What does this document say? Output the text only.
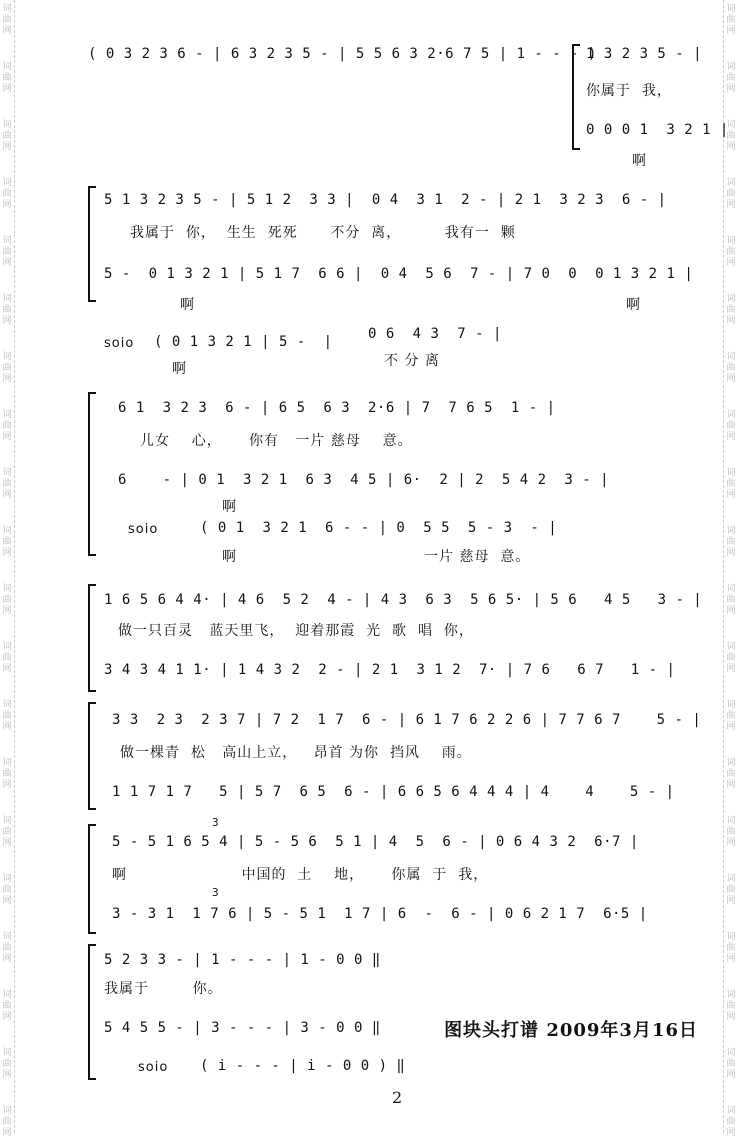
词
曲
网
词
曲
网
词
曲
网
词
曲
网
词
曲
网
词
曲
网
词
曲
网
词
曲
网
词
曲
网
词
曲
网
词
曲
网
词
曲
网
词
曲
网
词
曲
网
词
曲
网
词
曲
网
词
曲
网
词
曲
网
词
曲
网
词
曲
网
词
曲
网
词
曲
网
词
曲
网
词
曲
网
词
曲
网
词
曲
网
词
曲
网
词
曲
网
词
曲
网
词
曲
网
词
曲
网
词
曲
网
词
曲
网
词
曲
网
词
曲
网
词
曲
网
词
曲
网
词
曲
网
词
曲
网
词
曲
网
( 0 3 2 3 6 - | 6 3 2 3 5 - | 5 5 6 3 2·6 7 5 | 1 - - - )
1 3 2 3 5 - |
你属于  我，
0 0 0 1  3 2 1 |
啊
5 1 3 2 3 5 - | 5 1 2  3 3 |  0 4  3 1  2 - | 2 1  3 2 3  6 - |
我属于  你，  生生  死死      不分  离，        我有一  颗
5 -  0 1 3 2 1 | 5 1 7  6 6 |  0 4  5 6  7 - | 7 0  0  0 1 3 2 1 |
啊	啊
soio ( 0 1 3 2 1 | 5 -  |
啊
0 6  4 3  7 - |
不 分 离
6 1  3 2 3  6 - | 6 5  6 3  2·6 | 7  7 6 5  1 - |
儿女    心，     你有   一片 慈母    意。
6    - | 0 1  3 2 1  6 3  4 5 | 6·  2 | 2  5 4 2  3 - |
啊
soio	( 0 1  3 2 1  6 - - | 0  5 5  5 - 3  - |
啊	一片 慈母  意。
1 6 5 6 4 4· | 4 6  5 2  4 - | 4 3  6 3  5 6 5· | 5 6   4 5   3 - |
做一只百灵   蓝天里飞，  迎着那霞  光  歌  唱  你，
3 4 3 4 1 1· | 1 4 3 2  2 - | 2 1  3 1 2  7· | 7 6   6 7   1 - |
3 3  2 3  2 3 7 | 7 2  1 7  6 - | 6 1 7 6 2 2 6 | 7 7 6 7    5 - |
做一棵青  松   高山上立，   昂首 为你  挡风    雨。
1 1 7 1 7   5 | 5 7  6 5  6 - | 6 6 5 6 4 4 4 | 4    4    5 - |
3
5 - 5 1 6 5 4 | 5 - 5 6  5 1 | 4  5  6 - | 0 6 4 3 2  6·7 |
啊                     中国的  土    地，     你属  于  我，
3
3 - 3 1  1 7 6 | 5 - 5 1  1 7 | 6  -  6 - | 0 6 2 1 7  6·5 |
5 2 3 3 - | 1 - - - | 1 - 0 0 ‖
我属于        你。
5 4 5 5 - | 3 - - - | 3 - 0 0 ‖
soio ( i - - - | i - 0 0 ) ‖
图块头打谱 2009年3月16日
2
